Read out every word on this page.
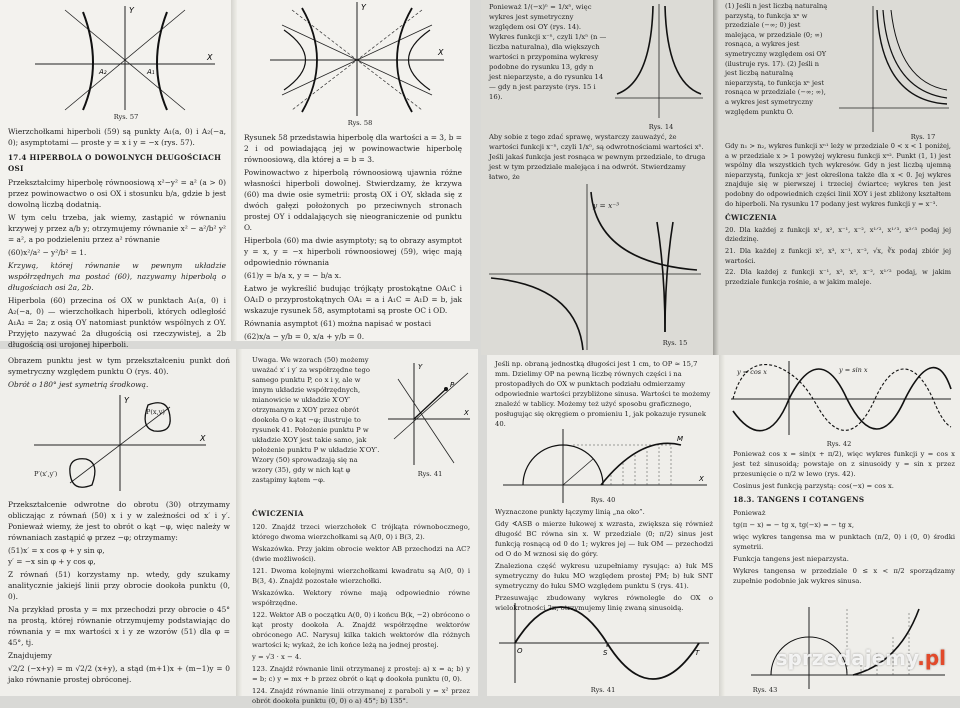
X
Y
A₂	A₁
Rys. 57

Wierzchołkami hiperboli (59) są punkty A₁(a, 0) i A₂(−a, 0); asymptotami — proste y = x i y = −x (rys. 57).

17.4 HIPERBOLA O DOWOLNYCH DŁUGOŚCIACH OSI

Przekształcimy hiperbolę równoosiową x²−y² = a² (a > 0) przez powinowactwo o osi OX i stosunku b/a, gdzie b jest dowolną liczbą dodatnią.

W tym celu trzeba, jak wiemy, zastąpić w równaniu krzywej y przez a/b y; otrzymujemy równanie x² − a²/b² y² = a², a po podzieleniu przez a² równanie

(60) x²/a² − y²/b² = 1.

Krzywą, której równanie w pewnym układzie współrzędnych ma postać (60), nazywamy hiperbolą o długościach osi 2a, 2b.

Hiperbola (60) przecina oś OX w punktach A₁(a, 0) i A₂(−a, 0) — wierzchołkach hiperboli, których odległość A₁A₂ = 2a; z osią OY natomiast punktów wspólnych z OY. Przyjęto nazywać 2a długością osi rzeczywistej, a 2b długością osi urojonej hiperboli.

X
Y
Rys. 58

Rysunek 58 przedstawia hiperbolę dla wartości a = 3, b = 2 i od powiadającą jej w powinowactwie hiperbolę równoosiową, dla której a = b = 3.

Powinowactwo z hiperbolą równoosiową ujawnia różne własności hiperboli dowolnej. Stwierdzamy, że krzywa (60) ma dwie osie symetrii: prostą OX i OY, składa się z dwóch gałęzi położonych po przeciwnych stronach prostej OY i oddalających się nieograniczenie od punktu O.

Hiperbola (60) ma dwie asymptoty; są to obrazy asymptot y = x, y = −x hiperboli równoosiowej (59), więc mają odpowiednio równania

(61) y = b/a x, y = − b/a x.

Łatwo je wykreślić budując trójkąty prostokątne OA₁C i OA₁D o przyprostokątnych OA₁ = a i A₁C = A₁D = b, jak wskazuje rysunek 58, asymptotami są proste OC i OD.

Równania asymptot (61) można napisać w postaci

(62) x/a − y/b = 0, x/a + y/b = 0.

Ponieważ 1/(−x)ⁿ = 1/xⁿ, więc wykres jest symetryczny względem osi OY (rys. 14). Wykres funkcji x⁻ⁿ, czyli 1/xⁿ (n — liczba naturalna), dla większych wartości n przypomina wykresy podobne do rysunku 13, gdy n jest nieparzyste, a do rysunku 14 — gdy n jest parzyste (rys. 15 i 16).
Rys. 14
Aby sobie z tego zdać sprawę, wystarczy zauważyć, że wartości funkcji x⁻ⁿ, czyli 1/xⁿ, są odwrotnościami wartości xⁿ. Jeśli jakaś funkcja jest rosnąca w pewnym przedziale, to druga jest w tym przedziale malejąca i na odwrót. Stwierdzamy łatwo, że
y = x⁻³
Rys. 15
(1) Jeśli n jest liczbą naturalną parzystą, to funkcja xⁿ w przedziale (−∞; 0) jest malejąca, w przedziale (0; ∞) rosnąca, a wykres jest symetryczny względem osi OY (ilustruje rys. 17). (2) Jeśli n jest liczbą naturalną nieparzystą, to funkcja xⁿ jest rosnąca w przedziale (−∞; ∞), a wykres jest symetryczny względem punktu O.
Rys. 17

Gdy n₁ > n₂, wykres funkcji xⁿ¹ leży w przedziale 0 < x < 1 poniżej, a w przedziale x > 1 powyżej wykresu funkcji xⁿ². Punkt (1, 1) jest wspólny dla wszystkich tych wykresów. Gdy n jest liczbą ujemną nieparzystą, funkcja xⁿ jest określona także dla x < 0. Jej wykres znajduje się w pierwszej i trzeciej ćwiartce; wykres ten jest podobny do odpowiednich części linii XOY i jest zbliżony kształtem do hiperboli. Na rysunku 17 podany jest wykres funkcji y = x⁻³.

ĆWICZENIA

20. Dla każdej z funkcji x¹, x², x⁻¹, x⁻², x¹ᐟ², x¹ᐟ³, x²ᐟ³ podaj jej dziedzinę.

21. Dla każdej z funkcji x², x³, x⁻¹, x⁻², √x, ∛x podaj zbiór jej wartości.

22. Dla każdej z funkcji x⁻¹, x², x³, x⁻², x¹ᐟ² podaj, w jakim przedziale funkcja rośnie, a w jakim maleje.

Obrazem punktu jest w tym przekształceniu punkt doń symetryczny względem punktu O (rys. 40).

Obrót o 180° jest symetrią środkową.

X
Y
P(x,y)
P′(x′,y′)

Przekształcenie odwrotne do obrotu (30) otrzymamy obliczając z równań (50) x i y w zależności od x′ i y′. Ponieważ wiemy, że jest to obrót o kąt −φ, więc należy w równaniach zastąpić φ przez −φ; otrzymamy:

(51) x′ = x cos φ + y sin φ,
y′ = −x sin φ + y cos φ,

Z równań (51) korzystamy np. wtedy, gdy szukamy analitycznie jakiejś linii przy obrocie dookoła punktu (0, 0).

Na przykład prosta y = mx przechodzi przy obrocie o 45° na prostą, której równanie otrzymujemy podstawiając do równania y = mx wartości x i y ze wzorów (51) dla φ = 45°, tj.

Znajdujemy

√2/2 (−x+y) = m √2/2 (x+y), a stąd (m+1)x + (m−1)y = 0 jako równanie prostej obróconej.

Uwaga. We wzorach (50) możemy uważać x′ i y′ za współrzędne tego samego punktu P, co x i y, ale w innym układzie współrzędnych, mianowicie w układzie X′OY′ otrzymanym z XOY przez obrót dookoła O o kąt −φ; ilustruje to rysunek 41. Położenie punktu P w układzie XOY jest takie samo, jak położenie punktu P w układzie X′OY′. Wzory (50) sprowadzają się na wzory (35), gdy w nich kąt φ zastąpimy kątem −φ.
X
Y
P
Rys. 41
ĆWICZENIA

120. Znajdź trzeci wierzchołek C trójkąta równobocznego, którego dwoma wierzchołkami są A(0, 0) i B(3, 2).

Wskazówka. Przy jakim obrocie wektor AB przechodzi na AC? (dwie możliwości).

121. Dwoma kolejnymi wierzchołkami kwadratu są A(0, 0) i B(3, 4). Znajdź pozostałe wierzchołki.

Wskazówka. Wektory równe mają odpowiednio równe współrzędne.

122. Wektor AB o początku A(0, 0) i końcu B(k, −2) obrócono o kąt prosty dookoła A. Znajdź współrzędne wektorów obróconego AC. Narysuj kilka takich wektorów dla różnych wartości k; wykaż, że ich końce leżą na jednej prostej.

y = √3 · x − 4.

123. Znajdź równanie linii otrzymanej z prostej: a) x = a; b) y = b; c) y = mx + b przez obrót o kąt φ dookoła punktu (0, 0).

124. Znajdź równanie linii otrzymanej z paraboli y = x² przez obrót dookoła punktu (0, 0) o a) 45°; b) 135°.

Jeśli np. obraną jednostką długości jest 1 cm, to OP ≈ 15,7 mm. Dzielimy OP na pewną liczbę równych części i na prostopadłych do OX w punktach podziału odmierzamy odpowiednie wartości przybliżone sinusa. Wartości te możemy znaleźć w tablicy. Możemy też użyć sposobu graficznego, posługując się okręgiem o promieniu 1, jak pokazuje rysunek 40.
X
M
Rys. 40

Wyznaczone punkty łączymy linią „na oko”.

Gdy ∢ASB o mierze łukowej x wzrasta, zwiększa się również długość BC równa sin x. W przedziale ⟨0; π/2⟩ sinus jest funkcją rosnącą od 0 do 1; wykres jej — łuk OM — przechodzi od O do M wznosi się do góry.

Znaleziona część wykresu uzupełniamy rysując: a) łuk MS symetryczny do łuku MO względem prostej PM; b) łuk SNT symetryczny do łuku SMO względem punktu S (rys. 41).

Przesuwając zbudowany wykres równolegle do OX o wielokrotności 2π, otrzymujemy linię zwaną sinusoidą.

S	T
O
Rys. 41
y = cos x	y = sin x
Rys. 42

Ponieważ cos x = sin(x + π/2), więc wykres funkcji y = cos x jest też sinusoidą; powstaje on z sinusoidy y = sin x przez przesunięcie o π/2 w lewo (rys. 42).

Cosinus jest funkcją parzystą: cos(−x) = cos x.

18.3. TANGENS I COTANGENS

Ponieważ

tg(π − x) = − tg x, tg(−x) = − tg x,

więc wykres tangensa ma w punktach (π/2, 0) i (0, 0) środki symetrii.

Funkcja tangens jest nieparzysta.

Wykres tangensa w przedziale 0 ≤ x < π/2 sporządzamy zupełnie podobnie jak wykres sinusa.

Rys. 43
sprzedajemy.pl
